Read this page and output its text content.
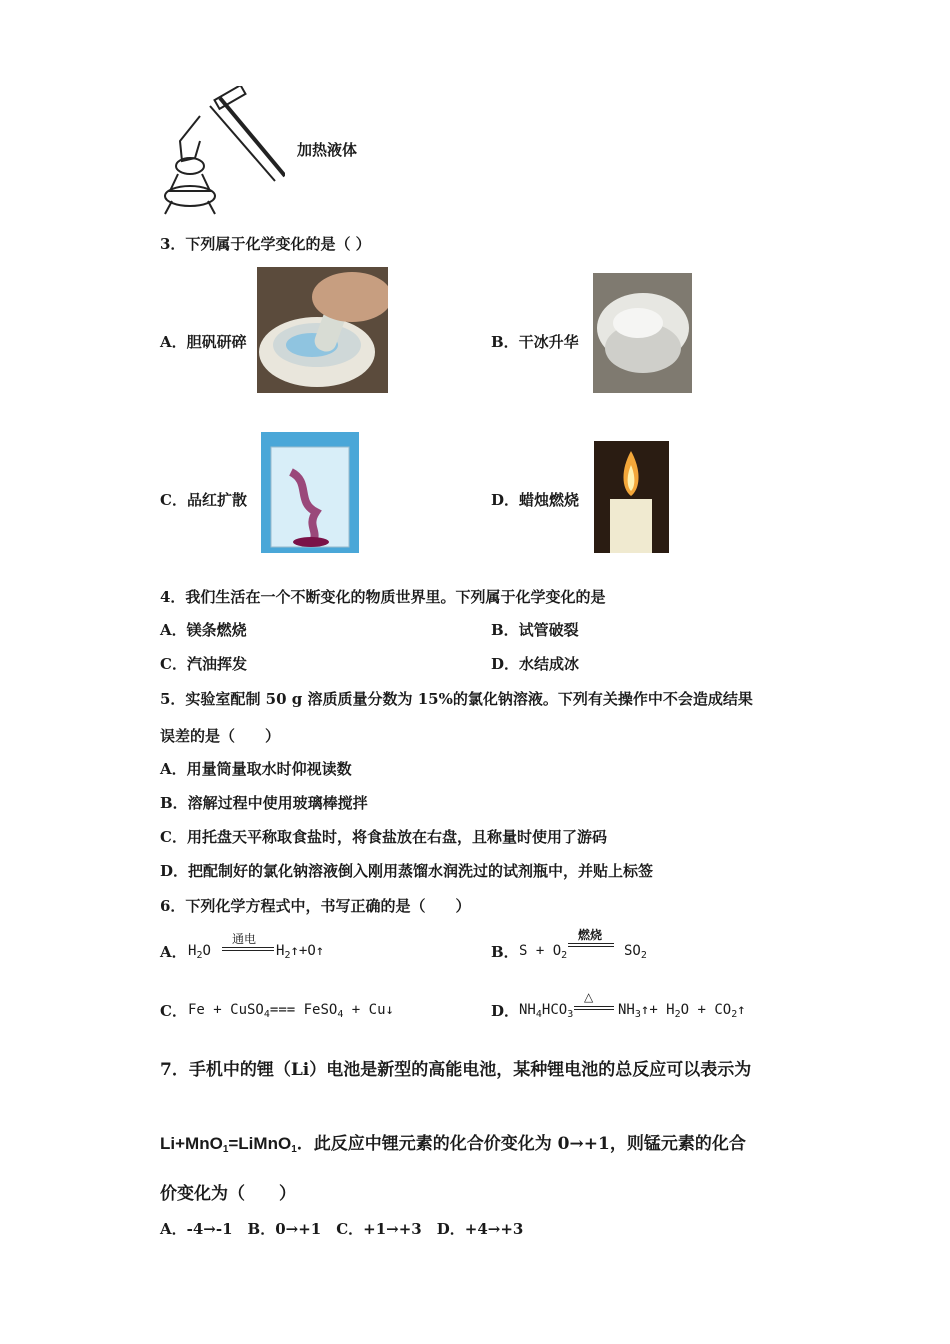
加热液体
3．下列属于化学变化的是（ ）
A．胆矾研碎	B．干冰升华
C．品红扩散	D．蜡烛燃烧
4．我们生活在一个不断变化的物质世界里。下列属于化学变化的是
A．镁条燃烧	B．试管破裂
C．汽油挥发	D．水结成冰
5．实验室配制 50 g 溶质质量分数为 15%的氯化钠溶液。下列有关操作中不会造成结果
误差的是（　　）
A．用量筒量取水时仰视读数
B．溶解过程中使用玻璃棒搅拌
C．用托盘天平称取食盐时，将食盐放在右盘，且称量时使用了游码
D．把配制好的氯化钠溶液倒入刚用蒸馏水润洗过的试剂瓶中，并贴上标签
6．下列化学方程式中，书写正确的是（　　）
A． $H_2O$
通电
$H_2↑+O↑$	B． $S + O_2$
燃烧
$SO_2$
C． Fe + CuSO$_4$=== FeSO$_4$ + Cu↓	D． $NH_4HCO_3$
△
$NH_3↑+ H_2O$ + $CO_2↑$
7．手机中的锂（Li）电池是新型的高能电池，某种锂电池的总反应可以表示为
Li+MnO$_1$=LiMnO$_1$．此反应中锂元素的化合价变化为 0→+1，则锰元素的化合
价变化为（　　）
A．-4→-1　B．0→+1　C．+1→+3　D．+4→+3
